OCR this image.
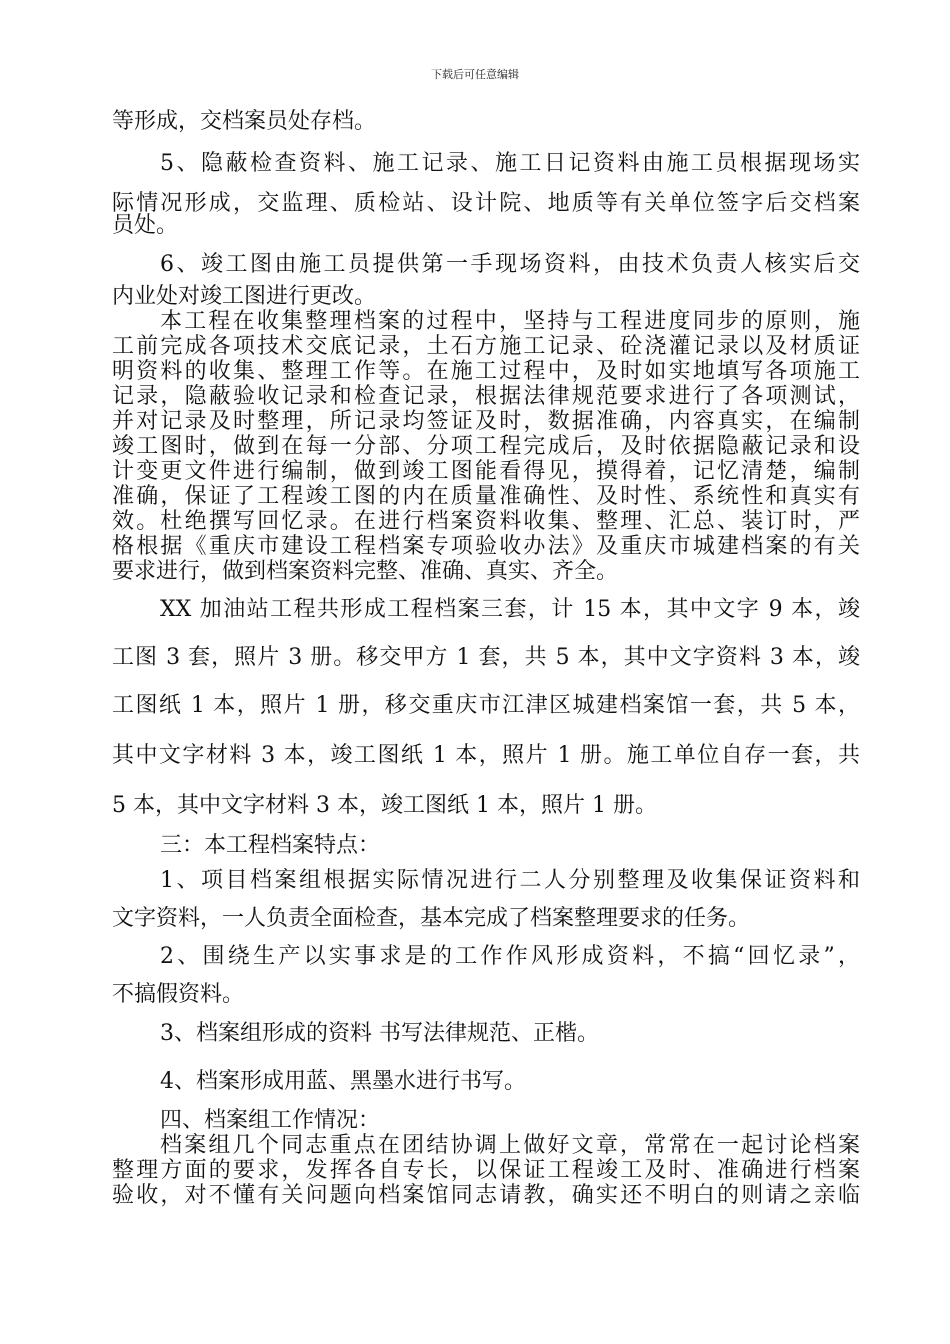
下载后可任意编辑
等形成，交档案员处存档。
5、隐蔽检查资料、施工记录、施工日记资料由施工员根据现场实
际情况形成，交监理、质检站、设计院、地质等有关单位签字后交档案
员处。
6、竣工图由施工员提供第一手现场资料，由技术负责人核实后交
内业处对竣工图进行更改。
本工程在收集整理档案的过程中，坚持与工程进度同步的原则，施
工前完成各项技术交底记录，土石方施工记录、砼浇灌记录以及材质证
明资料的收集、整理工作等。在施工过程中，及时如实地填写各项施工
记录，隐蔽验收记录和检查记录，根据法律规范要求进行了各项测试，
并对记录及时整理，所记录均签证及时，数据准确，内容真实，在编制
竣工图时，做到在每一分部、分项工程完成后，及时依据隐蔽记录和设
计变更文件进行编制，做到竣工图能看得见，摸得着，记忆清楚，编制
准确，保证了工程竣工图的内在质量准确性、及时性、系统性和真实有
效。杜绝撰写回忆录。在进行档案资料收集、整理、汇总、装订时，严
格根据《重庆市建设工程档案专项验收办法》及重庆市城建档案的有关
要求进行，做到档案资料完整、准确、真实、齐全。
XX 加油站工程共形成工程档案三套，计 15 本，其中文字 9 本，竣
工图 3 套，照片 3 册。移交甲方 1 套，共 5 本，其中文字资料 3 本，竣
工图纸 1 本，照片 1 册，移交重庆市江津区城建档案馆一套，共 5 本，
其中文字材料 3 本，竣工图纸 1 本，照片 1 册。施工单位自存一套，共
5 本，其中文字材料 3 本，竣工图纸 1 本，照片 1 册。
三：本工程档案特点：
1、项目档案组根据实际情况进行二人分别整理及收集保证资料和
文字资料，一人负责全面检查，基本完成了档案整理要求的任务。
2、围绕生产以实事求是的工作作风形成资料，不搞“回忆录”，
不搞假资料。
3、档案组形成的资料 书写法律规范、正楷。
4、档案形成用蓝、黑墨水进行书写。
四、档案组工作情况：
档案组几个同志重点在团结协调上做好文章，常常在一起讨论档案
整理方面的要求，发挥各自专长，以保证工程竣工及时、准确进行档案
验收，对不懂有关问题向档案馆同志请教，确实还不明白的则请之亲临
